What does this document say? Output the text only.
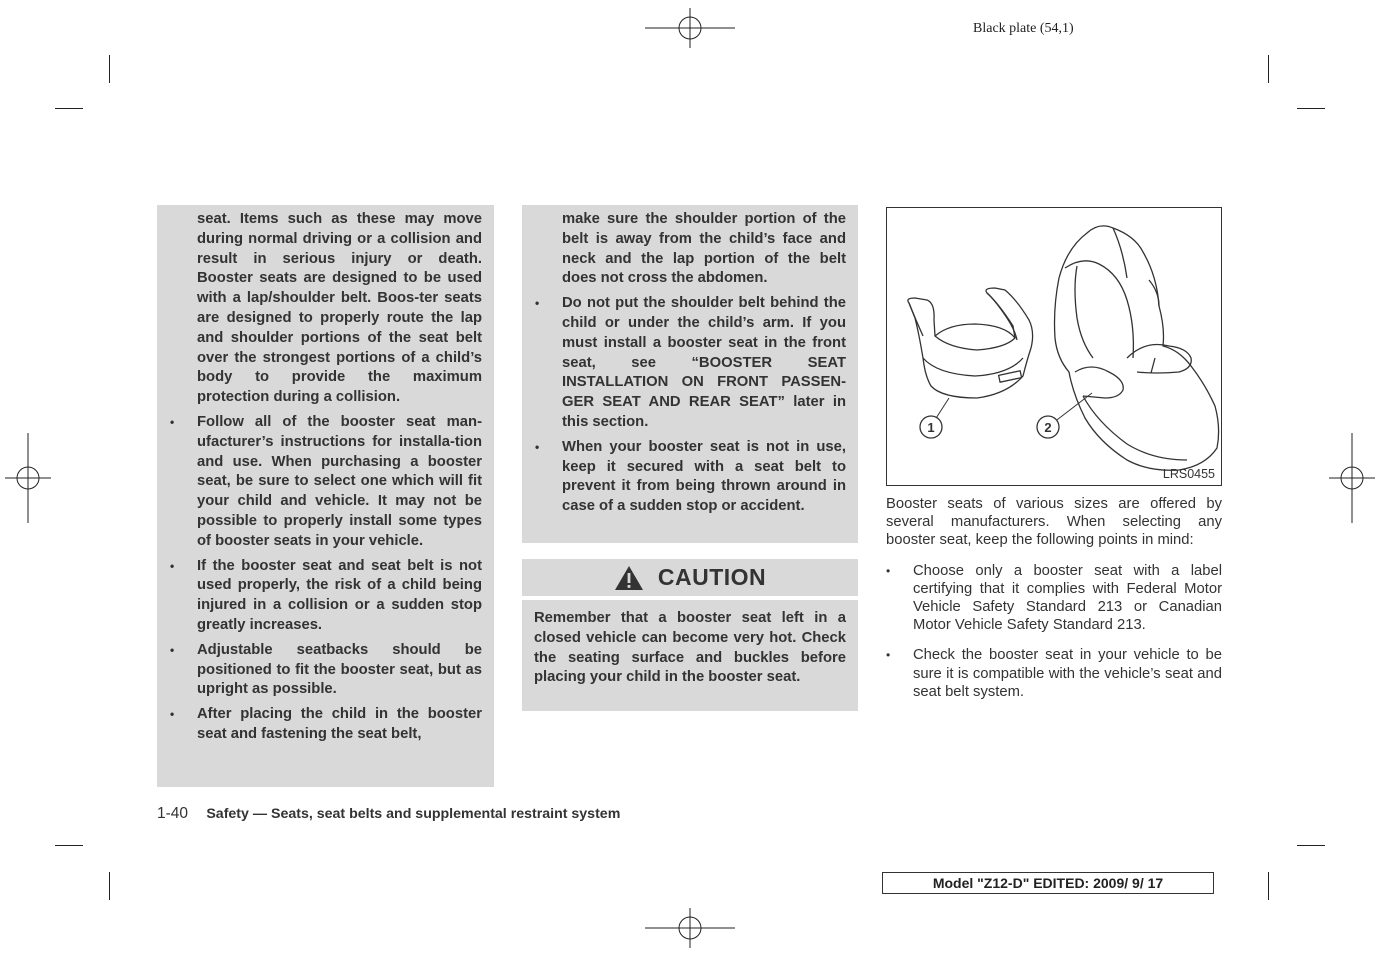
Black plate (54,1)

seat. Items such as these may move during normal driving or a collision and result in serious injury or death. Booster seats are designed to be used with a lap/shoulder belt. Boos-ter seats are designed to properly route the lap and shoulder portions of the seat belt over the strongest portions of a child’s body to provide the maximum protection during a collision.

•	Follow all of the booster seat man-ufacturer’s instructions for installa-tion and use. When purchasing a booster seat, be sure to select one which will fit your child and vehicle. It may not be possible to properly install some types of booster seats in your vehicle.
•	If the booster seat and seat belt is not used properly, the risk of a child being injured in a collision or a sudden stop greatly increases.
•	Adjustable seatbacks should be positioned to fit the booster seat, but as upright as possible.
•	After placing the child in the booster seat and fastening the seat belt,

make sure the shoulder portion of the belt is away from the child’s face and neck and the lap portion of the belt does not cross the abdomen.

•	Do not put the shoulder belt behind the child or under the child’s arm. If you must install a booster seat in the front seat, see “BOOSTER SEAT INSTALLATION ON FRONT PASSEN-GER SEAT AND REAR SEAT” later in this section.
•	When your booster seat is not in use, keep it secured with a seat belt to prevent it from being thrown around in case of a sudden stop or accident.
CAUTION
Remember that a booster seat left in a closed vehicle can become very hot. Check the seating surface and buckles before placing your child in the booster seat.
1	2
LRS0455

Booster seats of various sizes are offered by several manufacturers. When selecting any booster seat, keep the following points in mind:

•	Choose only a booster seat with a label certifying that it complies with Federal Motor Vehicle Safety Standard 213 or Canadian Motor Vehicle Safety Standard 213.
•	Check the booster seat in your vehicle to be sure it is compatible with the vehicle’s seat and seat belt system.
1-40 Safety — Seats, seat belts and supplemental restraint system
Model "Z12-D" EDITED: 2009/ 9/ 17
